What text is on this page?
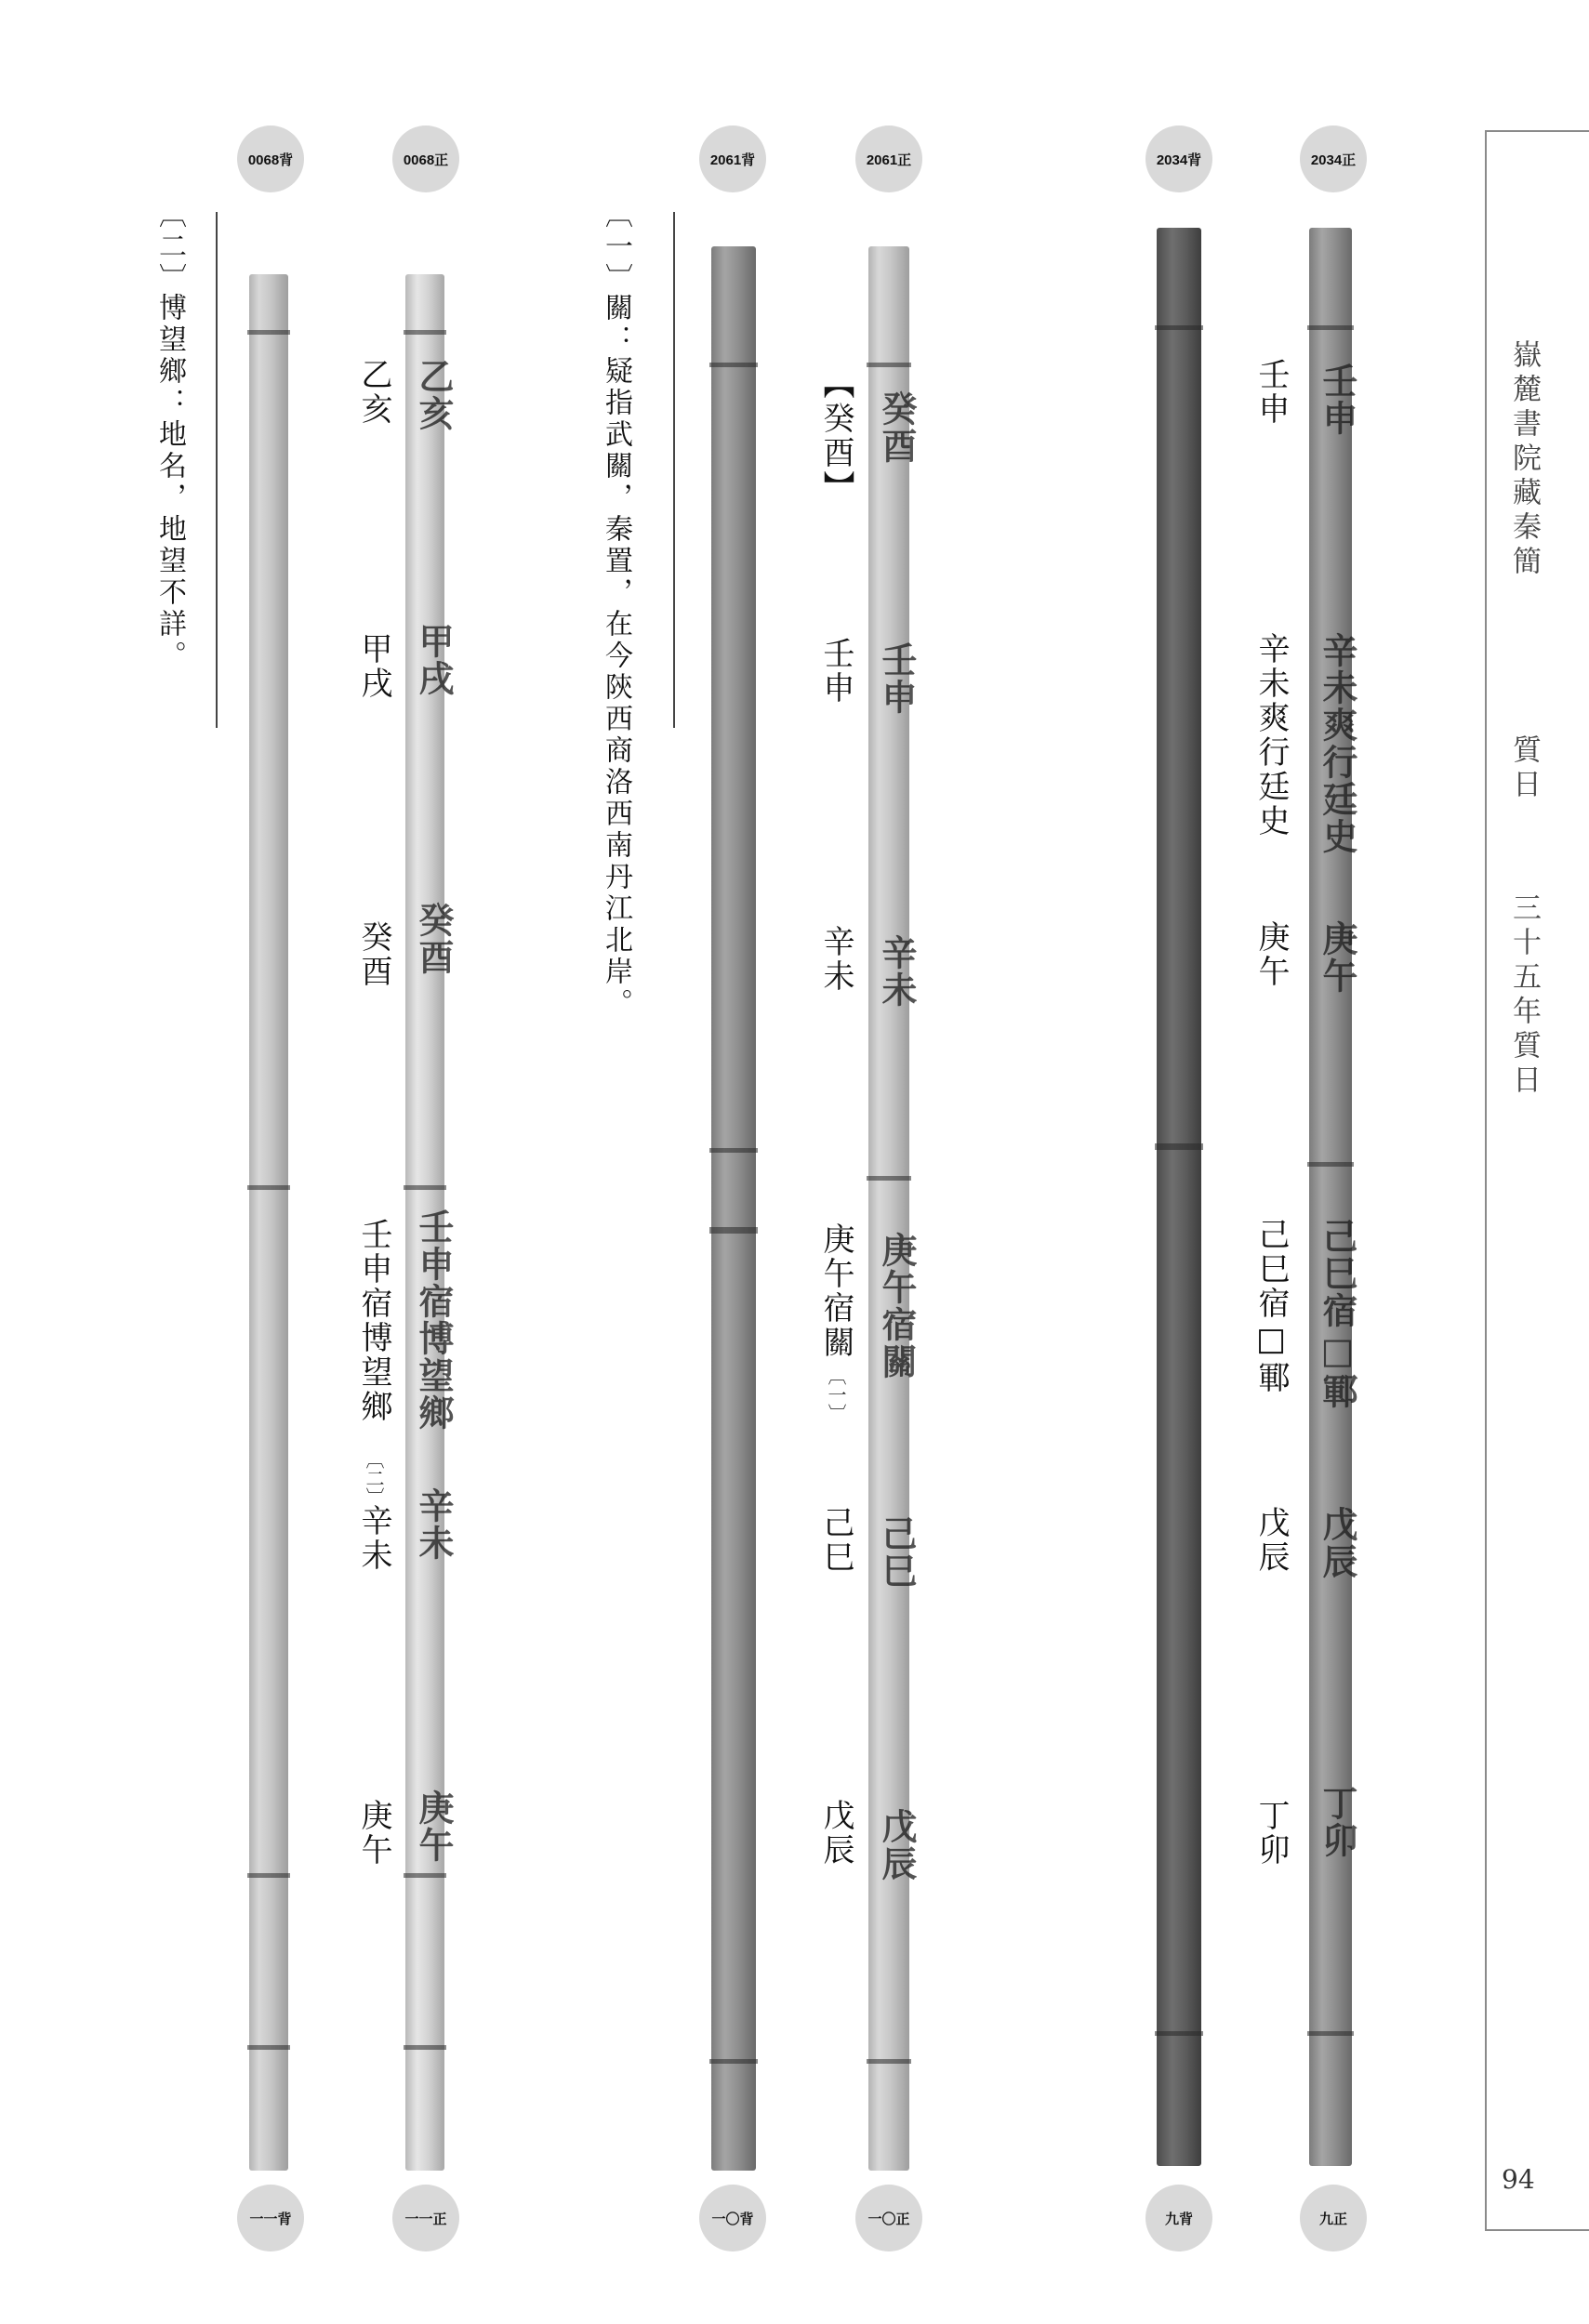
嶽麓書院藏秦簡
質日
三十五年質日
94
0068背	0068正	2061背	2061正	2034背	2034正
一一背	一一正	一〇背	一〇正	九背	九正
〔二〕
博望鄉：地名，地望不詳。
〔一〕
關：疑指武關，秦置，在今陝西商洛西南丹江北岸。
乙亥
甲戌
癸酉
壬申宿博望鄉
辛未
庚午
乙亥
甲戌
癸酉
壬申宿博望鄉
〔二〕
辛未
庚午
癸酉
壬申
辛未
庚午宿關
己巳
戊辰
【癸酉】
壬申
辛未
庚午宿關
〔一〕
己巳
戊辰
壬申
辛未爽行廷史
庚午
己巳宿□鄆
戊辰
丁卯
壬申
辛未爽行廷史
庚午
己巳宿□鄆
戊辰
丁卯
